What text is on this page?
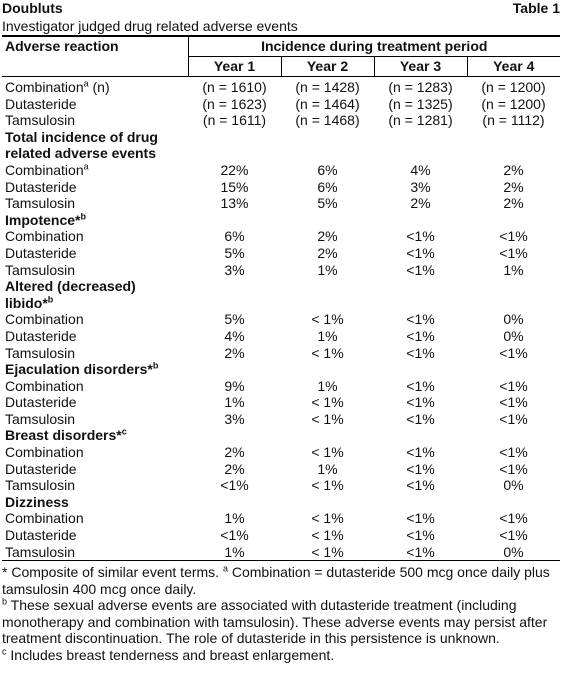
Doubluts	Table 1
Investigator judged drug related adverse events
Adverse reaction	Incidence during treatment period			
	Year 1	Year 2	Year 3	Year 4
Combination$^a$ (n)	(n = 1610)	(n = 1428)	(n = 1283)	(n = 1200)
Dutasteride	(n = 1623)	(n = 1464)	(n = 1325)	(n = 1200)
Tamsulosin	(n = 1611)	(n = 1468)	(n = 1281)	(n = 1112)
Total incidence of drug related adverse events				
Combination$^a$	22%	6%	4%	2%
Dutasteride	15%	6%	3%	2%
Tamsulosin	13%	5%	2%	2%
Impotence*$^b$				
Combination	6%	2%	<1%	<1%
Dutasteride	5%	2%	<1%	<1%
Tamsulosin	3%	1%	<1%	1%
Altered (decreased) libido*$^b$				
Combination	5%	< 1%	<1%	0%
Dutasteride	4%	1%	<1%	0%
Tamsulosin	2%	< 1%	<1%	<1%
Ejaculation disorders*$^b$				
Combination	9%	1%	<1%	<1%
Dutasteride	1%	< 1%	<1%	<1%
Tamsulosin	3%	< 1%	<1%	<1%
Breast disorders*$^c$				
Combination	2%	< 1%	<1%	<1%
Dutasteride	2%	1%	<1%	<1%
Tamsulosin	<1%	< 1%	<1%	0%
Dizziness				
Combination	1%	< 1%	<1%	<1%
Dutasteride	<1%	< 1%	<1%	<1%
Tamsulosin	1%	< 1%	<1%	0%

* Composite of similar event terms. $^a$ Combination = dutasteride 500 mcg once daily plus tamsulosin 400 mcg once daily.

$^b$ These sexual adverse events are associated with dutasteride treatment (including monotherapy and combination with tamsulosin). These adverse events may persist after treatment discontinuation. The role of dutasteride in this persistence is unknown.

$^c$ Includes breast tenderness and breast enlargement.
